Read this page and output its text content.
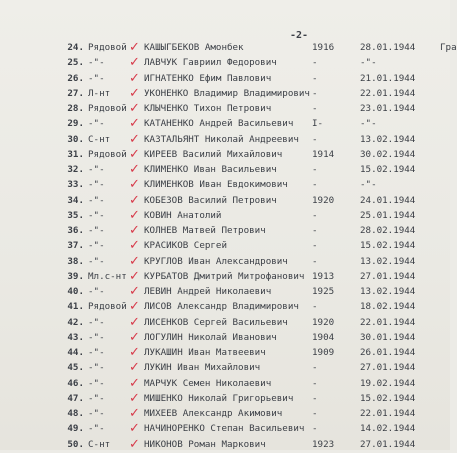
-2-
24. Рядовой ✓ КАШЫГБЕКОВ Амонбек	1916	28.01.1944	Гра
25. -"- ✓ ЛАВЧУК Гавриил Федорович	-	-"-
26. -"- ✓ ИГНАТЕНКО Ефим Павлович	-	21.01.1944
27. Л-нт ✓ УКОНЕНКО Владимир Владимирович -	22.01.1944
28. Рядовой ✓ КЛЫЧЕНКО Тихон Петрович	-	23.01.1944
29. -"- ✓ КАТАНЕНКО Андрей Васильевич I-	-"-
30. С-нт ✓ КАЗТАЛЬЯНТ Николай Андреевич -	13.02.1944
31. Рядовой ✓ КИРЕЕВ Василий Михайлович	1914	30.02.1944
32. -"- ✓ КЛИМЕНКО Иван Васильевич	-	15.02.1944
33. -"- ✓ КЛИМЕНКОВ Иван Евдокимович	-	-"-
34. -"- ✓ КОБЕЗОВ Василий Петрович	1920	24.01.1944
35. -"- ✓ КОВИН Анатолий	-	25.01.1944
36. -"- ✓ КОЛНЕВ Матвей Петрович	-	28.02.1944
37. -"- ✓ КРАСИКОВ Сергей	-	15.02.1944
38. -"- ✓ КРУГЛОВ Иван Александрович	-	13.02.1944
39. Мл.с-нт ✓ КУРБАТОВ Дмитрий Митрофанович 1913	27.01.1944
40. -"- ✓ ЛЕВИН Андрей Николаевич	1925	13.02.1944
41. Рядовой ✓ ЛИСОВ Александр Владимирович -	18.02.1944
42. -"- ✓ ЛИСЕНКОВ Сергей Васильевич	1920	22.01.1944
43. -"- ✓ ЛОГУЛИН Николай Иванович	1904	30.01.1944
44. -"- ✓ ЛУКАШИН Иван Матвеевич	1909	26.01.1944
45. -"- ✓ ЛУКИН Иван Михайлович	-	27.01.1944
46. -"- ✓ МАРЧУК Семен Николаевич	-	19.02.1944
47. -"- ✓ МИШЕНКО Николай Григорьевич -	15.02.1944
48. -"- ✓ МИХЕЕВ Александр Акимович	-	22.01.1944
49. -"- ✓ НАЧИНОРЕНКО Степан Васильевич -	14.02.1944
50. С-нт ✓ НИКОНОВ Роман Маркович	1923	27.01.1944
